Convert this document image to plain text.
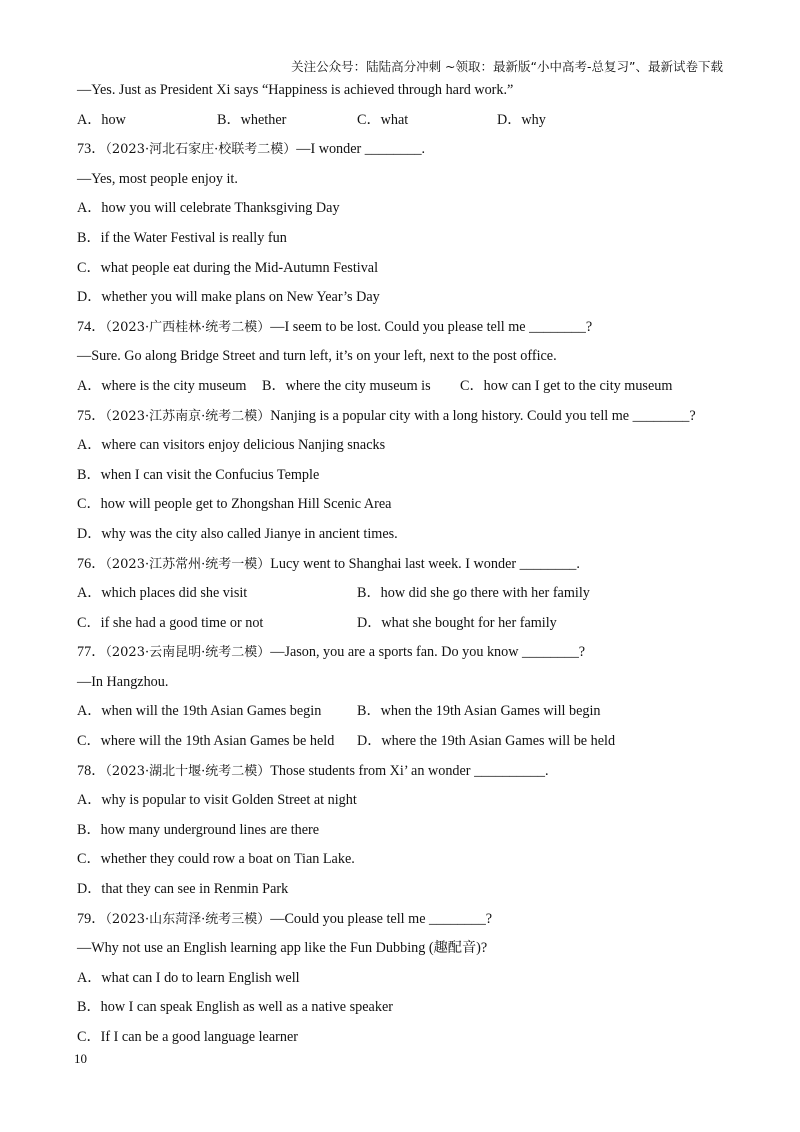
关注公众号：陆陆高分冲刺 ~领取：最新版“小中高考-总复习”、最新试卷下载
—Yes. Just as President Xi says “Happiness is achieved through hard work.”
A．how	B．whether	C．what	D．why
73．（2023·河北石家庄·校联考二模）—I wonder ________.
—Yes, most people enjoy it.
A．how you will celebrate Thanksgiving Day
B．if the Water Festival is really fun
C．what people eat during the Mid-Autumn Festival
D．whether you will make plans on New Year’s Day
74．（2023·广西桂林·统考二模）—I seem to be lost. Could you please tell me ________?
—Sure. Go along Bridge Street and turn left, it’s on your left, next to the post office.
A．where is the city museum	B．where the city museum is	C．how can I get to the city museum
75．（2023·江苏南京·统考二模）Nanjing is a popular city with a long history. Could you tell me ________?
A．where can visitors enjoy delicious Nanjing snacks
B．when I can visit the Confucius Temple
C．how will people get to Zhongshan Hill Scenic Area
D．why was the city also called Jianye in ancient times.
76．（2023·江苏常州·统考一模）Lucy went to Shanghai last week. I wonder ________.
A．which places did she visit	B．how did she go there with her family
C．if she had a good time or not	D．what she bought for her family
77．（2023·云南昆明·统考二模）—Jason, you are a sports fan. Do you know ________?
—In Hangzhou.
A．when will the 19th Asian Games begin	B．when the 19th Asian Games will begin
C．where will the 19th Asian Games be held	D．where the 19th Asian Games will be held
78．（2023·湖北十堰·统考二模）Those students from Xi’ an wonder __________.
A．why is popular to visit Golden Street at night
B．how many underground lines are there
C．whether they could row a boat on Tian Lake.
D．that they can see in Renmin Park
79．（2023·山东菏泽·统考三模）—Could you please tell me ________?
—Why not use an English learning app like the Fun Dubbing (趣配音)?
A．what can I do to learn English well
B．how I can speak English as well as a native speaker
C．If I can be a good language learner
10
